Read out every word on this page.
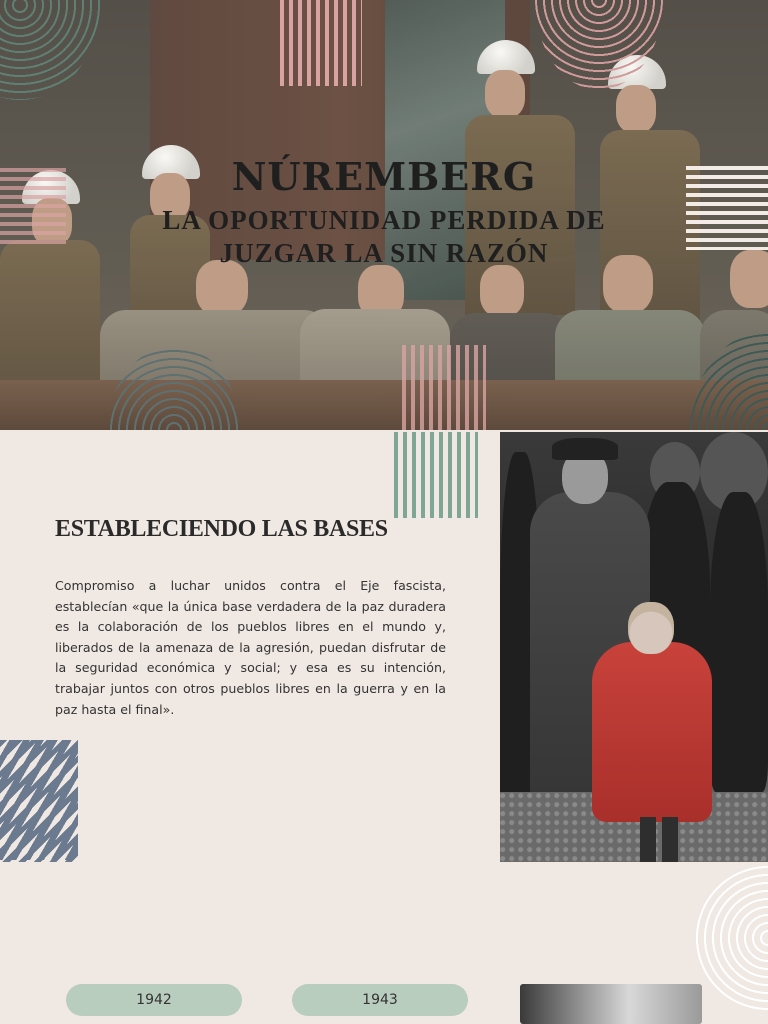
NÚREMBERG
LA OPORTUNIDAD PERDIDA DE JUZGAR LA SIN RAZÓN
ESTABLECIENDO LAS BASES

Compromiso a luchar unidos contra el Eje fascista, establecían «que la única base verdadera de la paz duradera es la colaboración de los pueblos libres en el mundo y, liberados de la amenaza de la agresión, puedan disfrutar de la seguridad económica y social; y esa es su intención, trabajar juntos con otros pueblos libres en la guerra y en la paz hasta el final».

1942	1943
